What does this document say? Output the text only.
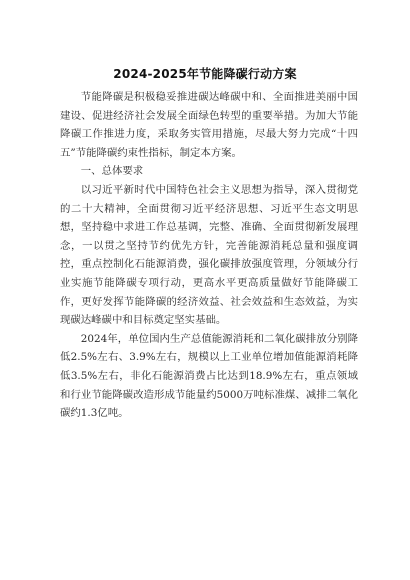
2024-2025年节能降碳行动方案

节能降碳是积极稳妥推进碳达峰碳中和、全面推进美丽中国建设、促进经济社会发展全面绿色转型的重要举措。为加大节能降碳工作推进力度，采取务实管用措施，尽最大努力完成“十四五”节能降碳约束性指标，制定本方案。

一、总体要求

以习近平新时代中国特色社会主义思想为指导，深入贯彻党的二十大精神，全面贯彻习近平经济思想、习近平生态文明思想，坚持稳中求进工作总基调，完整、准确、全面贯彻新发展理念，一以贯之坚持节约优先方针，完善能源消耗总量和强度调控，重点控制化石能源消费，强化碳排放强度管理，分领域分行业实施节能降碳专项行动，更高水平更高质量做好节能降碳工作，更好发挥节能降碳的经济效益、社会效益和生态效益，为实现碳达峰碳中和目标奠定坚实基础。

2024年，单位国内生产总值能源消耗和二氧化碳排放分别降低2.5%左右、3.9%左右，规模以上工业单位增加值能源消耗降低3.5%左右，非化石能源消费占比达到18.9%左右，重点领域和行业节能降碳改造形成节能量约5000万吨标准煤、减排二氧化碳约1.3亿吨。
